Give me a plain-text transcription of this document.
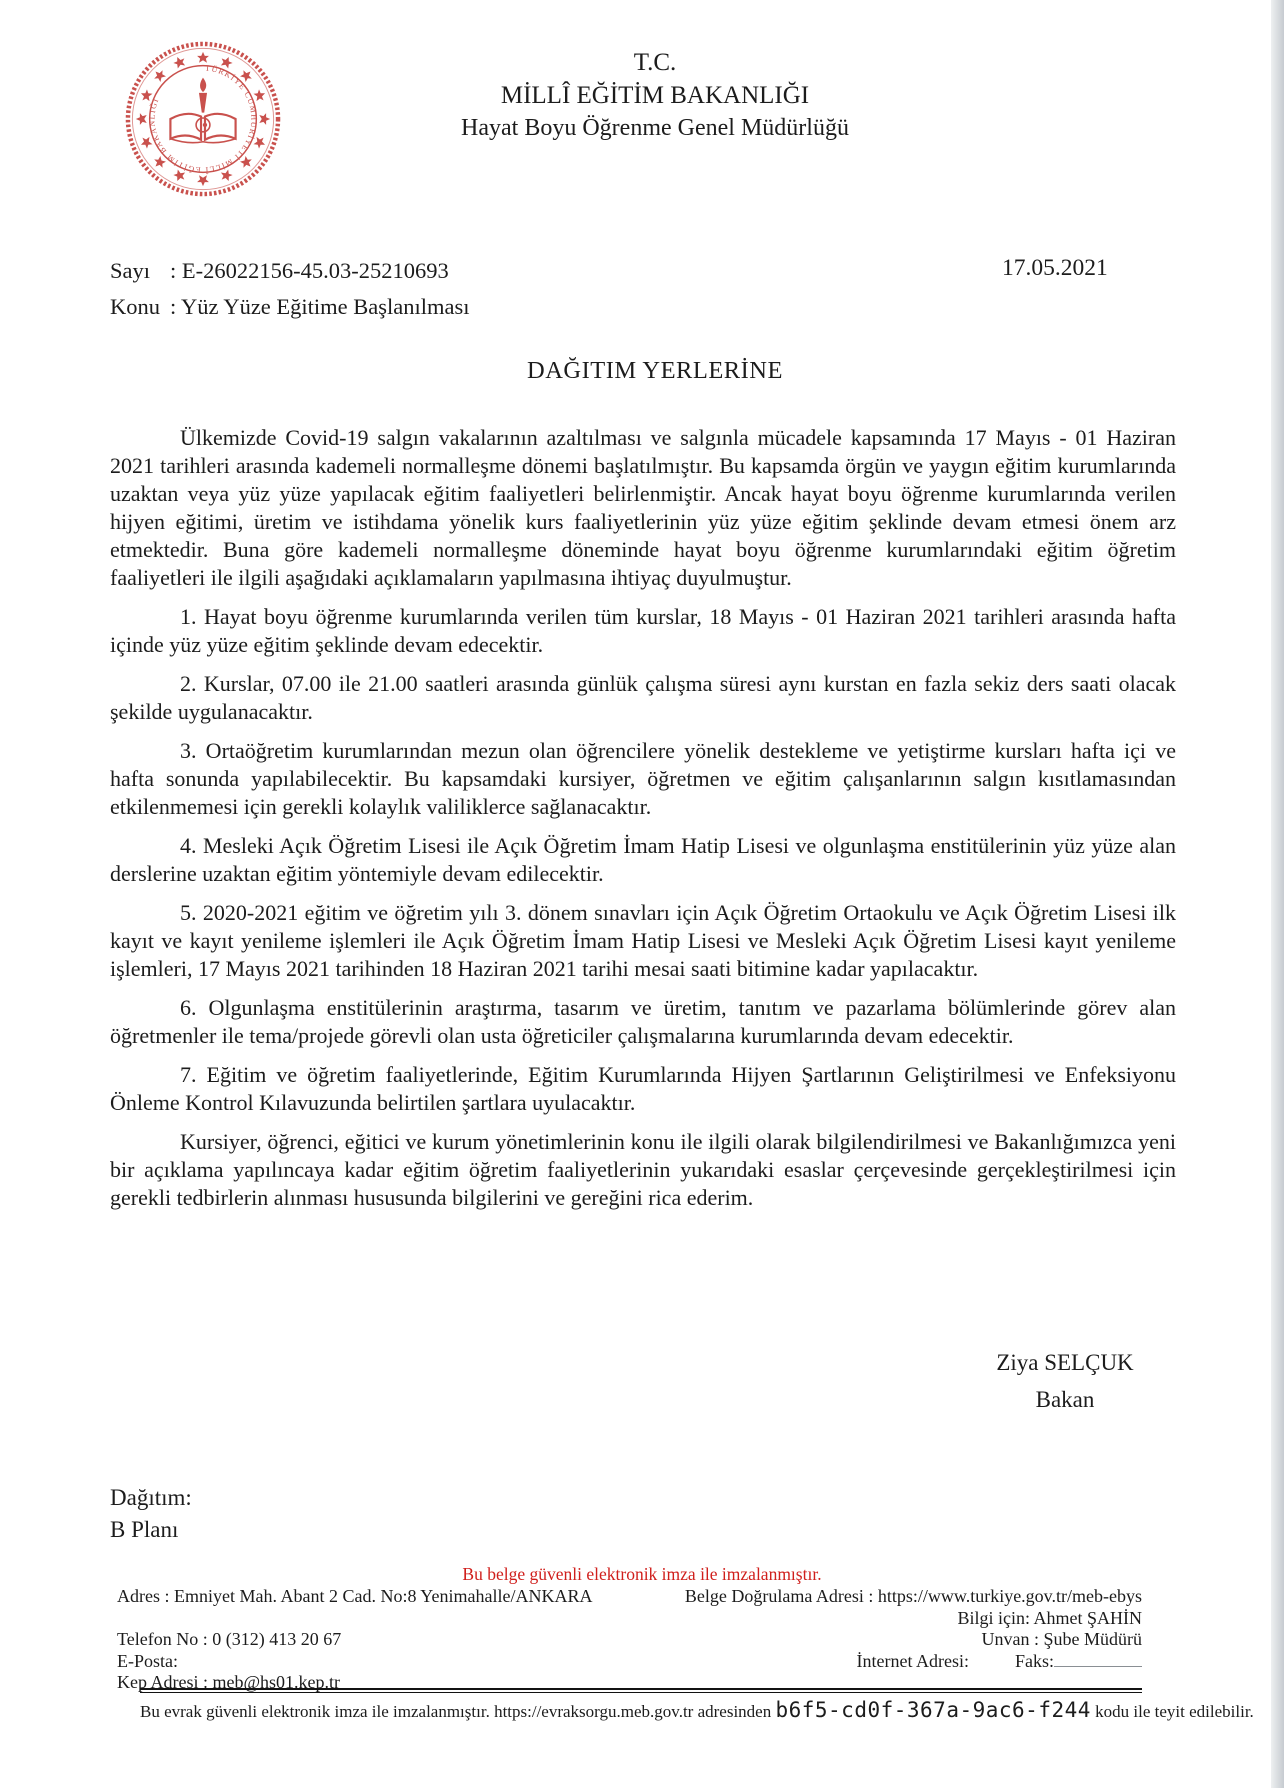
TÜRKİYE CUMHURİYETİ MİLLÎ EĞİTİM BAKANLIĞI
T.C.
MİLLÎ EĞİTİM BAKANLIĞI
Hayat Boyu Öğrenme Genel Müdürlüğü
Sayı : E-26022156-45.03-25210693
Konu : Yüz Yüze Eğitime Başlanılması
17.05.2021
DAĞITIM YERLERİNE

Ülkemizde Covid-19 salgın vakalarının azaltılması ve salgınla mücadele kapsamında 17 Mayıs - 01 Haziran 2021 tarihleri arasında kademeli normalleşme dönemi başlatılmıştır. Bu kapsamda örgün ve yaygın eğitim kurumlarında uzaktan veya yüz yüze yapılacak eğitim faaliyetleri belirlenmiştir. Ancak hayat boyu öğrenme kurumlarında verilen hijyen eğitimi, üretim ve istihdama yönelik kurs faaliyetlerinin yüz yüze eğitim şeklinde devam etmesi önem arz etmektedir. Buna göre kademeli normalleşme döneminde hayat boyu öğrenme kurumlarındaki eğitim öğretim faaliyetleri ile ilgili aşağıdaki açıklamaların yapılmasına ihtiyaç duyulmuştur.

1. Hayat boyu öğrenme kurumlarında verilen tüm kurslar, 18 Mayıs - 01 Haziran 2021 tarihleri arasında hafta içinde yüz yüze eğitim şeklinde devam edecektir.

2. Kurslar, 07.00 ile 21.00 saatleri arasında günlük çalışma süresi aynı kurstan en fazla sekiz ders saati olacak şekilde uygulanacaktır.

3. Ortaöğretim kurumlarından mezun olan öğrencilere yönelik destekleme ve yetiştirme kursları hafta içi ve hafta sonunda yapılabilecektir. Bu kapsamdaki kursiyer, öğretmen ve eğitim çalışanlarının salgın kısıtlamasından etkilenmemesi için gerekli kolaylık valiliklerce sağlanacaktır.

4. Mesleki Açık Öğretim Lisesi ile Açık Öğretim İmam Hatip Lisesi ve olgunlaşma enstitülerinin yüz yüze alan derslerine uzaktan eğitim yöntemiyle devam edilecektir.

5. 2020-2021 eğitim ve öğretim yılı 3. dönem sınavları için Açık Öğretim Ortaokulu ve Açık Öğretim Lisesi ilk kayıt ve kayıt yenileme işlemleri ile Açık Öğretim İmam Hatip Lisesi ve Mesleki Açık Öğretim Lisesi kayıt yenileme işlemleri, 17 Mayıs 2021 tarihinden 18 Haziran 2021 tarihi mesai saati bitimine kadar yapılacaktır.

6. Olgunlaşma enstitülerinin araştırma, tasarım ve üretim, tanıtım ve pazarlama bölümlerinde görev alan öğretmenler ile tema/projede görevli olan usta öğreticiler çalışmalarına kurumlarında devam edecektir.

7. Eğitim ve öğretim faaliyetlerinde, Eğitim Kurumlarında Hijyen Şartlarının Geliştirilmesi ve Enfeksiyonu Önleme Kontrol Kılavuzunda belirtilen şartlara uyulacaktır.

Kursiyer, öğrenci, eğitici ve kurum yönetimlerinin konu ile ilgili olarak bilgilendirilmesi ve Bakanlığımızca yeni bir açıklama yapılıncaya kadar eğitim öğretim faaliyetlerinin yukarıdaki esaslar çerçevesinde gerçekleştirilmesi için gerekli tedbirlerin alınması hususunda bilgilerini ve gereğini rica ederim.

Ziya SELÇUK
Bakan
Dağıtım:
B Planı
Bu belge güvenli elektronik imza ile imzalanmıştır.
Adres : Emniyet Mah. Abant 2 Cad. No:8 Yenimahalle/ANKARA
Telefon No : 0 (312) 413 20 67
E-Posta:
Kep Adresi : meb@hs01.kep.tr
Belge Doğrulama Adresi : https://www.turkiye.gov.tr/meb-ebys
Bilgi için: Ahmet ŞAHİN
Unvan : Şube Müdürü
İnternet Adresi:	Faks:
Bu evrak güvenli elektronik imza ile imzalanmıştır. https://evraksorgu.meb.gov.tr adresinden b6f5-cd0f-367a-9ac6-f244 kodu ile teyit edilebilir.
